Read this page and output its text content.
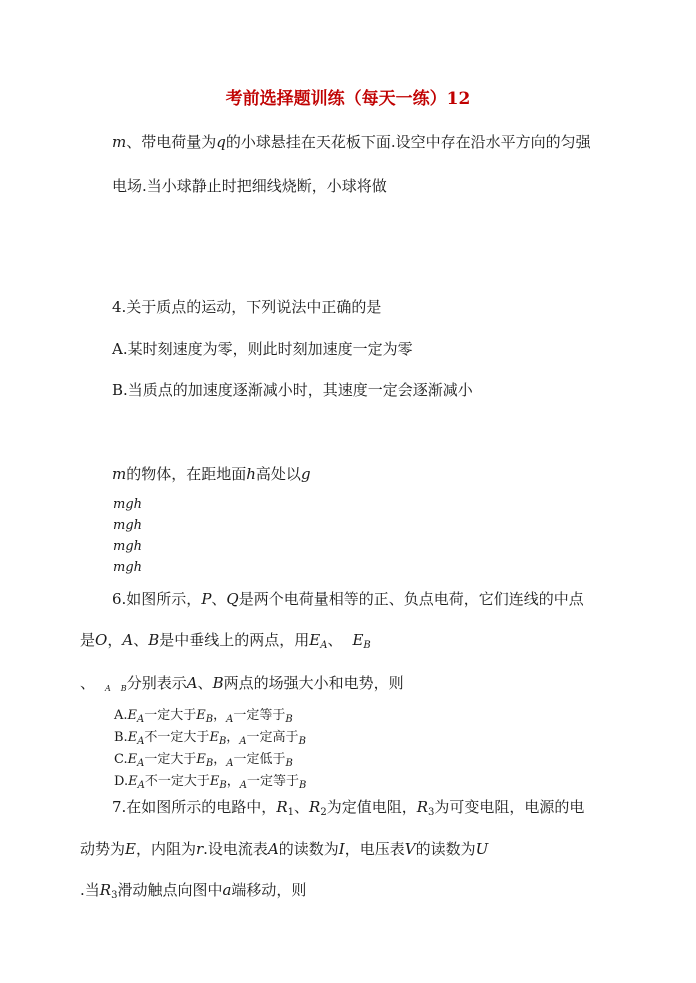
考前选择题训练（每天一练）12
m、带电荷量为q的小球悬挂在天花板下面.设空中存在沿水平方向的匀强
电场.当小球静止时把细线烧断，小球将做
4.关于质点的运动，下列说法中正确的是
A.某时刻速度为零，则此时刻加速度一定为零
B.当质点的加速度逐渐减小时，其速度一定会逐渐减小
m的物体，在距地面h高处以g
mgh
mgh
mgh
mgh
6.如图所示，P、Q是两个电荷量相等的正、负点电荷，它们连线的中点
是O，A、B是中垂线上的两点，用$E_A$、 $E_B$
、 $_A$ $_B$分别表示A、B两点的场强大小和电势，则
$A.E_A$一定大于$E_B$，$_A$一定等于$_B$
$B.E_A$不一定大于$E_B$，$_A$一定高于$_B$
$C.E_A$一定大于$E_B$，$_A$一定低于$_B$
$D.E_A$不一定大于$E_B$，$_A$一定等于$_B$
7.在如图所示的电路中，$R_1$、$R_2$为定值电阻，$R_3$为可变电阻，电源的电
动势为E，内阻为r.设电流表A的读数为I，电压表V的读数为U
.当$R_3$滑动触点向图中a端移动，则
